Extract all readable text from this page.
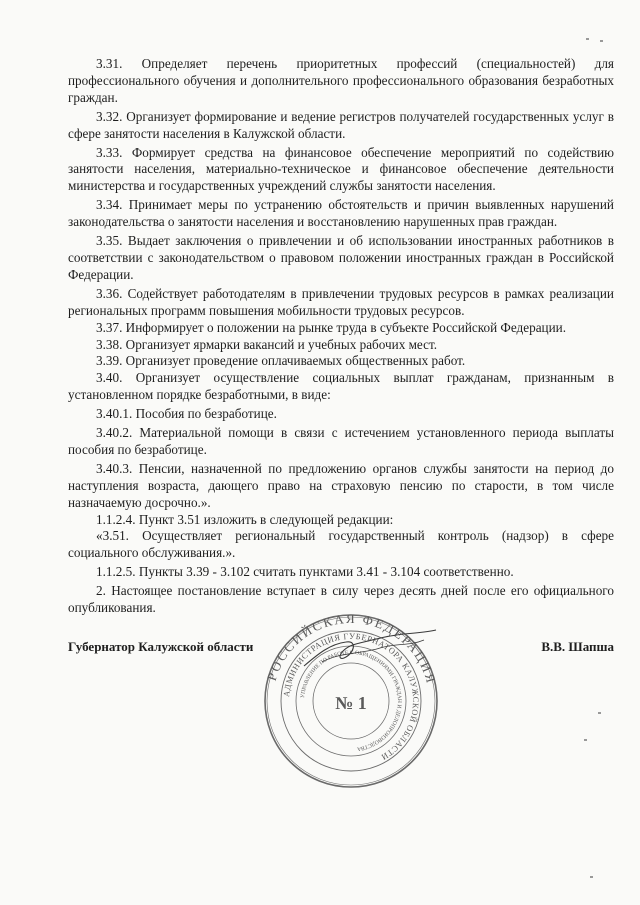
3.31. Определяет перечень приоритетных профессий (специальностей) для профессионального обучения и дополнительного профессионального образования безработных граждан.

3.32. Организует формирование и ведение регистров получателей государственных услуг в сфере занятости населения в Калужской области.

3.33. Формирует средства на финансовое обеспечение мероприятий по содействию занятости населения, материально-техническое и финансовое обеспечение деятельности министерства и государственных учреждений службы занятости населения.

3.34. Принимает меры по устранению обстоятельств и причин выявленных нарушений законодательства о занятости населения и восстановлению нарушенных прав граждан.

3.35. Выдает заключения о привлечении и об использовании иностранных работников в соответствии с законодательством о правовом положении иностранных граждан в Российской Федерации.

3.36. Содействует работодателям в привлечении трудовых ресурсов в рамках реализации региональных программ повышения мобильности трудовых ресурсов.

3.37. Информирует о положении на рынке труда в субъекте Российской Федерации.

3.38. Организует ярмарки вакансий и учебных рабочих мест.

3.39. Организует проведение оплачиваемых общественных работ.

3.40. Организует осуществление социальных выплат гражданам, признанным в установленном порядке безработными, в виде:

3.40.1. Пособия по безработице.

3.40.2. Материальной помощи в связи с истечением установленного периода выплаты пособия по безработице.

3.40.3. Пенсии, назначенной по предложению органов службы занятости на период до наступления возраста, дающего право на страховую пенсию по старости, в том числе назначаемую досрочно.».

1.1.2.4. Пункт 3.51 изложить в следующей редакции:

«3.51. Осуществляет региональный государственный контроль (надзор) в сфере социального обслуживания.».

1.1.2.5. Пункты 3.39 - 3.102 считать пунктами 3.41 - 3.104 соответственно.

2. Настоящее постановление вступает в силу через десять дней после его официального опубликования.

Губернатор Калужской области	В.В. Шапша
РОССИЙСКАЯ ФЕДЕРАЦИЯ
АДМИНИСТРАЦИЯ ГУБЕРНАТОРА КАЛУЖСКОЙ ОБЛАСТИ
УПРАВЛЕНИЕ ПО РАБОТЕ С ОБРАЩЕНИЯМИ ГРАЖДАН И ДЕЛОПРОИЗВОДСТВА
№ 1
